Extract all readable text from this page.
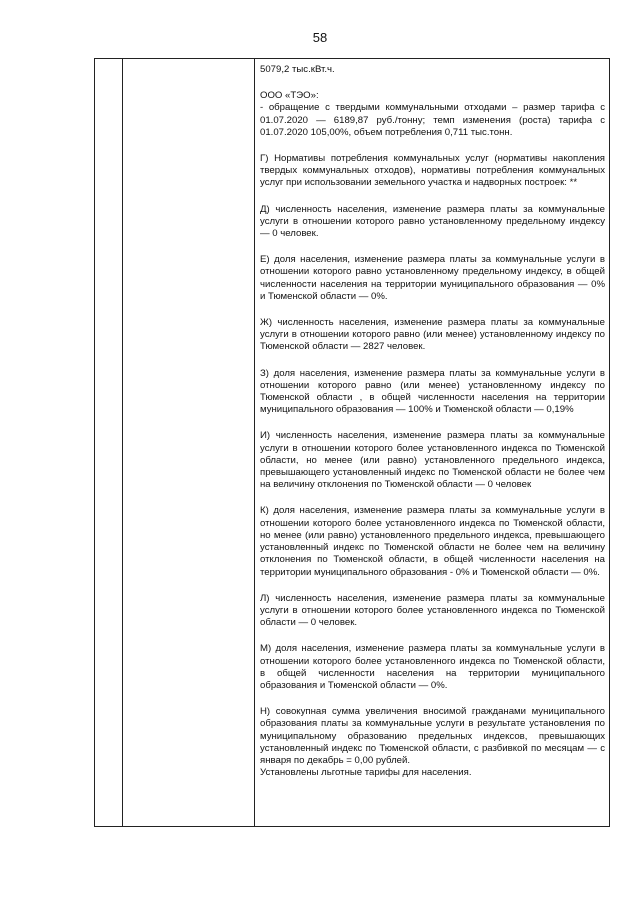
58

5079,2 тыс.кВт.ч.

ООО «ТЭО»:

- обращение с твердыми коммунальными отходами – размер тарифа с 01.07.2020 — 6189,87 руб./тонну; темп изменения (роста) тарифа с 01.07.2020 105,00%, объем потребления 0,711 тыс.тонн.

Г) Нормативы потребления коммунальных услуг (нормативы накопления твердых коммунальных отходов), нормативы потребления коммунальных услуг при использовании земельного участка и надворных построек: **

Д) численность населения, изменение размера платы за коммунальные услуги в отношении которого равно установленному предельному индексу — 0 человек.

Е) доля населения, изменение размера платы за коммунальные услуги в отношении которого равно установленному предельному индексу, в общей численности населения на территории муниципального образования — 0% и Тюменской области — 0%.

Ж) численность населения, изменение размера платы за коммунальные услуги в отношении которого равно (или менее) установленному индексу по Тюменской области — 2827 человек.

З) доля населения, изменение размера платы за коммунальные услуги в отношении которого равно (или менее) установленному индексу по Тюменской области , в общей численности населения на территории муниципального образования — 100% и Тюменской области — 0,19%

И) численность населения, изменение размера платы за коммунальные услуги в отношении которого более установленного индекса по Тюменской области, но менее (или равно) установленного предельного индекса, превышающего установленный индекс по Тюменской области не более чем на величину отклонения по Тюменской области — 0 человек

К) доля населения, изменение размера платы за коммунальные услуги в отношении которого более установленного индекса по Тюменской области, но менее (или равно) установленного предельного индекса, превышающего установленный индекс по Тюменской области не более чем на величину отклонения по Тюменской области, в общей численности населения на территории муниципального образования - 0% и Тюменской области — 0%.

Л) численность населения, изменение размера платы за коммунальные услуги в отношении которого более установленного индекса по Тюменской области — 0 человек.

М) доля населения, изменение размера платы за коммунальные услуги в отношении которого более установленного индекса по Тюменской области, в общей численности населения на территории муниципального образования и Тюменской области — 0%.

Н) совокупная сумма увеличения вносимой гражданами муниципального образования платы за коммунальные услуги в результате установления по муниципальному образованию предельных индексов, превышающих установленный индекс по Тюменской области, с разбивкой по месяцам — с января по декабрь = 0,00 рублей.

Установлены льготные тарифы для населения.
